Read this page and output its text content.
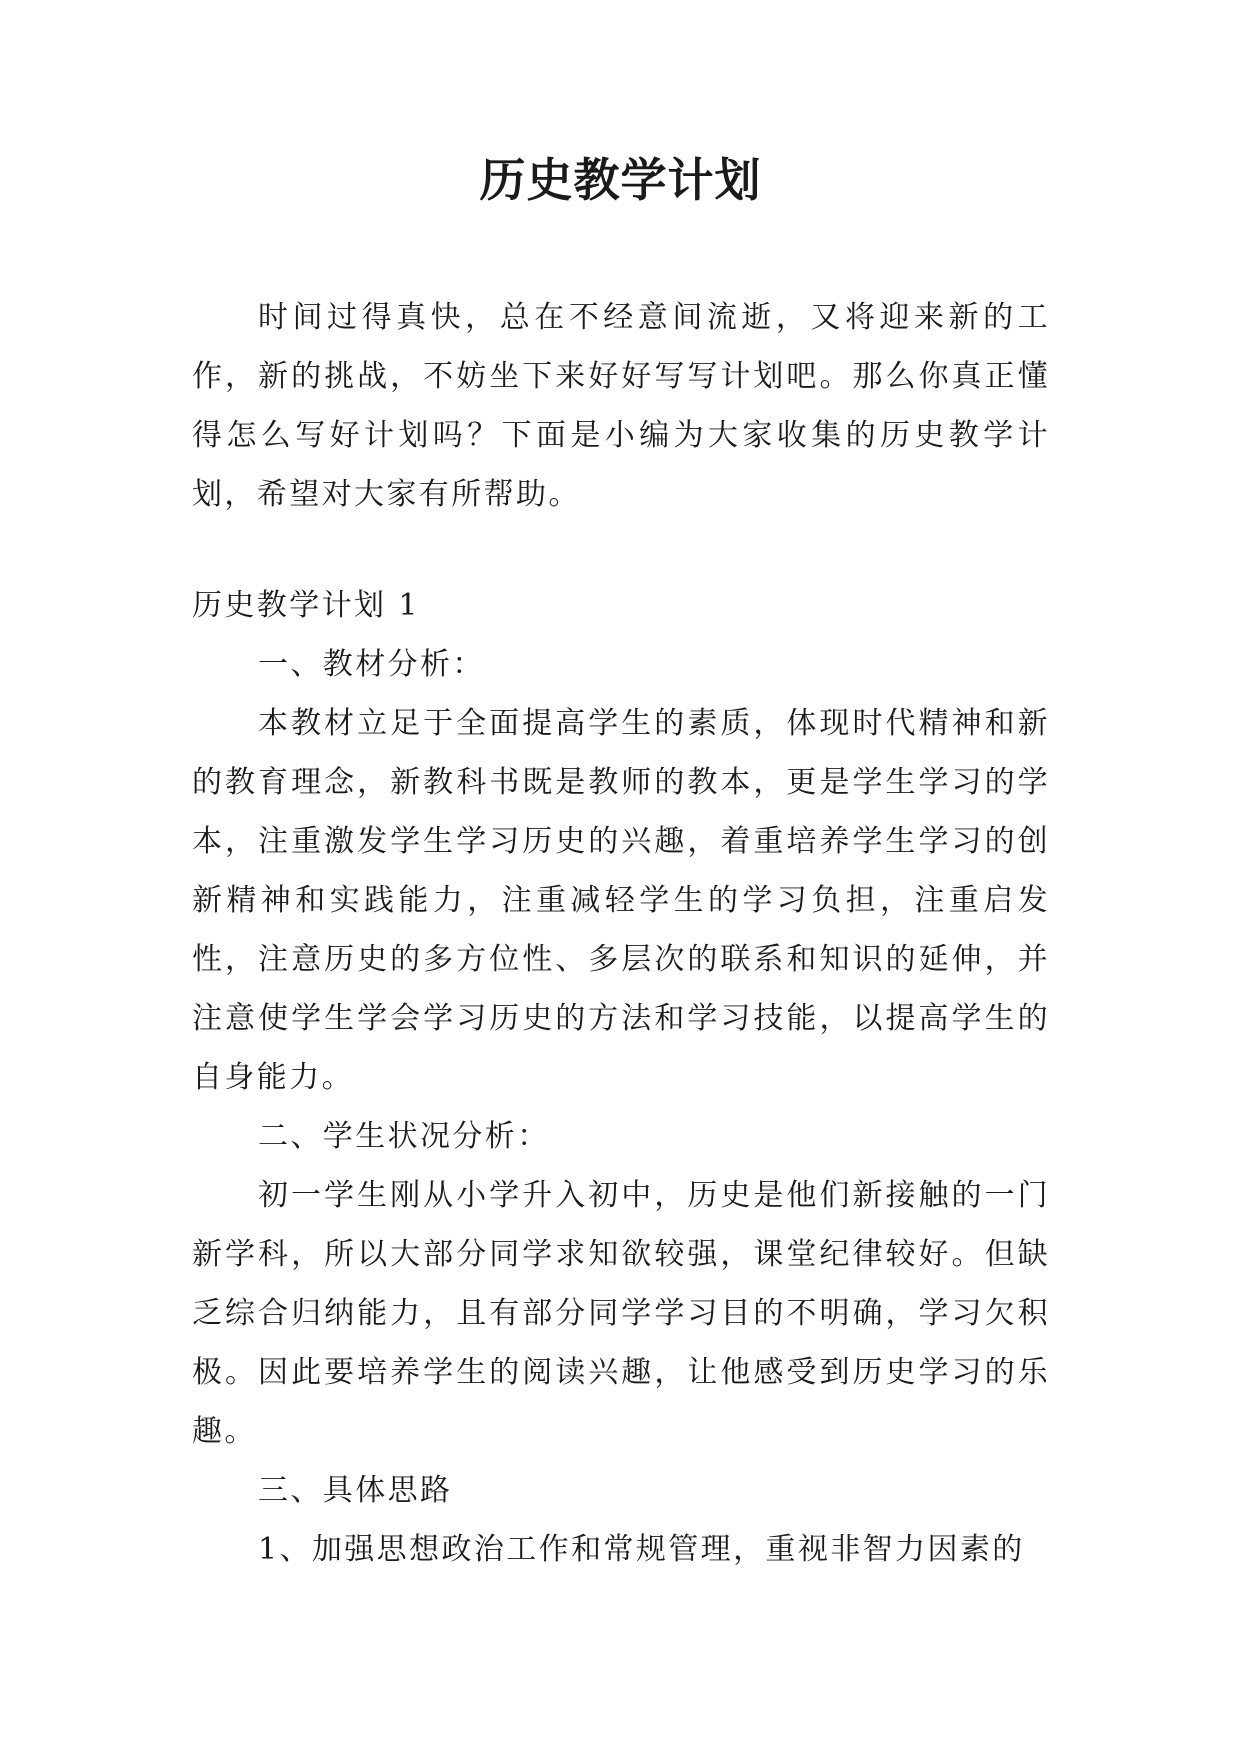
历史教学计划

时间过得真快，总在不经意间流逝，又将迎来新的工作，新的挑战，不妨坐下来好好写写计划吧。那么你真正懂得怎么写好计划吗？下面是小编为大家收集的历史教学计划，希望对大家有所帮助。

历史教学计划 1

一、教材分析：

本教材立足于全面提高学生的素质，体现时代精神和新的教育理念，新教科书既是教师的教本，更是学生学习的学本，注重激发学生学习历史的兴趣，着重培养学生学习的创新精神和实践能力，注重减轻学生的学习负担，注重启发性，注意历史的多方位性、多层次的联系和知识的延伸，并注意使学生学会学习历史的方法和学习技能，以提高学生的自身能力。

二、学生状况分析：

初一学生刚从小学升入初中，历史是他们新接触的一门新学科，所以大部分同学求知欲较强，课堂纪律较好。但缺乏综合归纳能力，且有部分同学学习目的不明确，学习欠积极。因此要培养学生的阅读兴趣，让他感受到历史学习的乐趣。

三、具体思路

1、加强思想政治工作和常规管理，重视非智力因素的
